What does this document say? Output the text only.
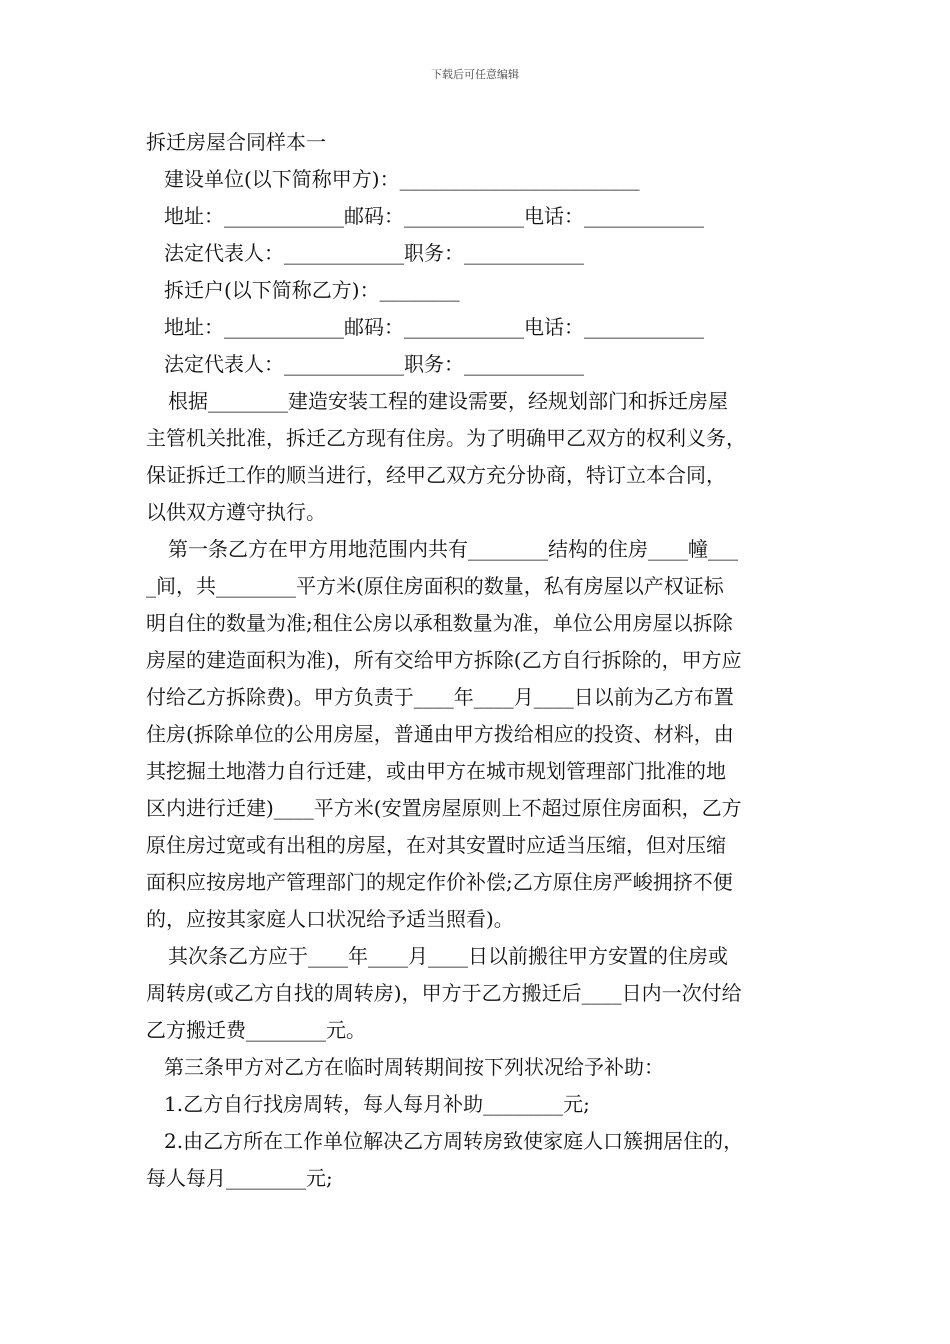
下载后可任意编辑
拆迁房屋合同样本一
建设单位(以下简称甲方)：________________________
地址：____________邮码：____________电话：____________
法定代表人：____________职务：____________
拆迁户(以下简称乙方)：________
地址：____________邮码：____________电话：____________
法定代表人：____________职务：____________
根据________建造安装工程的建设需要，经规划部门和拆迁房屋
主管机关批准，拆迁乙方现有住房。为了明确甲乙双方的权利义务，
保证拆迁工作的顺当进行，经甲乙双方充分协商，特订立本合同，
以供双方遵守执行。
第一条乙方在甲方用地范围内共有________结构的住房____幢___
_间，共________平方米(原住房面积的数量，私有房屋以产权证标
明自住的数量为准;租住公房以承租数量为准，单位公用房屋以拆除
房屋的建造面积为准)，所有交给甲方拆除(乙方自行拆除的，甲方应
付给乙方拆除费)。甲方负责于____年____月____日以前为乙方布置
住房(拆除单位的公用房屋，普通由甲方拨给相应的投资、材料，由
其挖掘土地潜力自行迁建，或由甲方在城市规划管理部门批准的地
区内进行迁建)____平方米(安置房屋原则上不超过原住房面积，乙方
原住房过宽或有出租的房屋，在对其安置时应适当压缩，但对压缩
面积应按房地产管理部门的规定作价补偿;乙方原住房严峻拥挤不便
的，应按其家庭人口状况给予适当照看)。
其次条乙方应于____年____月____日以前搬往甲方安置的住房或
周转房(或乙方自找的周转房)，甲方于乙方搬迁后____日内一次付给
乙方搬迁费________元。
第三条甲方对乙方在临时周转期间按下列状况给予补助：
1.乙方自行找房周转，每人每月补助________元;
2.由乙方所在工作单位解决乙方周转房致使家庭人口簇拥居住的，
每人每月________元;
